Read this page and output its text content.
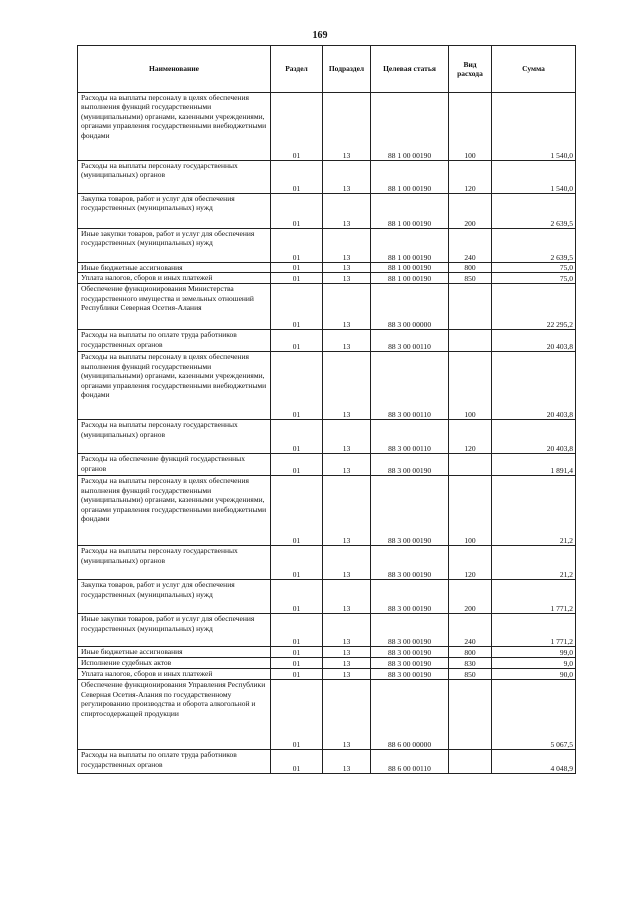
169
Наименование	Раздел	Подраздел	Целевая статья	Вид расхода	Сумма
Расходы на выплаты персоналу в целях обеспечения выполнения функций государственными (муниципальными) органами, казенными учреждениями, органами управления государственными внебюджетными фондами	01	13	88 1 00 00190	100	1 540,0
Расходы на выплаты персоналу государственных (муниципальных) органов	01	13	88 1 00 00190	120	1 540,0
Закупка товаров, работ и услуг для обеспечения государственных (муниципальных) нужд	01	13	88 1 00 00190	200	2 639,5
Иные закупки товаров, работ и услуг для обеспечения государственных (муниципальных) нужд	01	13	88 1 00 00190	240	2 639,5
Иные бюджетные ассигнования	01	13	88 1 00 00190	800	75,0
Уплата налогов, сборов и иных платежей	01	13	88 1 00 00190	850	75,0
Обеспечение функционирования Министерства государственного имущества и земельных отношений Республики Северная Осетия-Алания	01	13	88 3 00 00000		22 295,2
Расходы на выплаты по оплате труда работников государственных органов	01	13	88 3 00 00110		20 403,8
Расходы на выплаты персоналу в целях обеспечения выполнения функций государственными (муниципальными) органами, казенными учреждениями, органами управления государственными внебюджетными фондами	01	13	88 3 00 00110	100	20 403,8
Расходы на выплаты персоналу государственных (муниципальных) органов	01	13	88 3 00 00110	120	20 403,8
Расходы на обеспечение функций государственных органов	01	13	88 3 00 00190		1 891,4
Расходы на выплаты персоналу в целях обеспечения выполнения функций государственными (муниципальными) органами, казенными учреждениями, органами управления государственными внебюджетными фондами	01	13	88 3 00 00190	100	21,2
Расходы на выплаты персоналу государственных (муниципальных) органов	01	13	88 3 00 00190	120	21,2
Закупка товаров, работ и услуг для обеспечения государственных (муниципальных) нужд	01	13	88 3 00 00190	200	1 771,2
Иные закупки товаров, работ и услуг для обеспечения государственных (муниципальных) нужд	01	13	88 3 00 00190	240	1 771,2
Иные бюджетные ассигнования	01	13	88 3 00 00190	800	99,0
Исполнение судебных актов	01	13	88 3 00 00190	830	9,0
Уплата налогов, сборов и иных платежей	01	13	88 3 00 00190	850	90,0
Обеспечение функционирования Управления Республики Северная Осетия-Алания по государственному регулированию производства и оборота алкогольной и спиртосодержащей продукции	01	13	88 6 00 00000		5 067,5
Расходы на выплаты по оплате труда работников государственных органов	01	13	88 6 00 00110		4 048,9
